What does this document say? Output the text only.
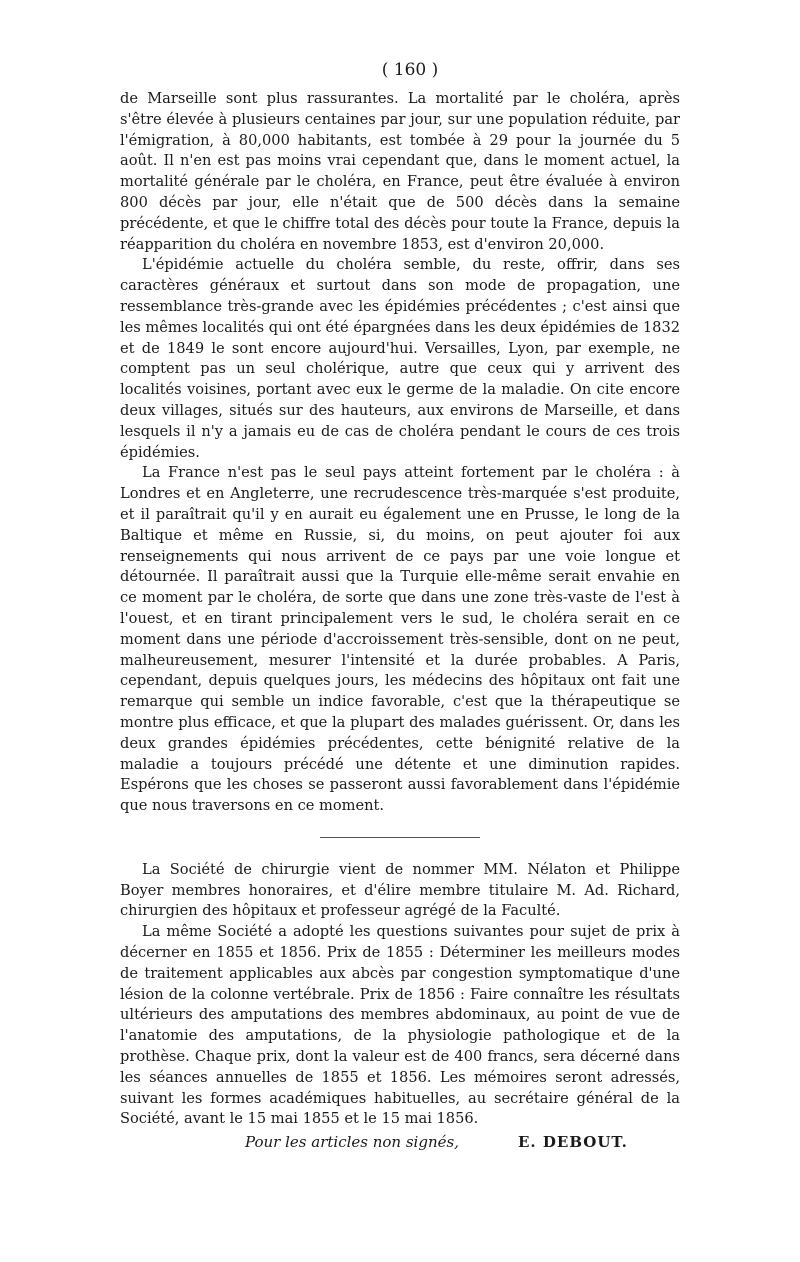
( 160 )

de Marseille sont plus rassurantes. La mortalité par le choléra, après s'être élevée à plusieurs centaines par jour, sur une population réduite, par l'émigration, à 80,000 habitants, est tombée à 29 pour la journée du 5 août. Il n'en est pas moins vrai cependant que, dans le moment actuel, la mortalité générale par le choléra, en France, peut être évaluée à environ 800 décès par jour, elle n'était que de 500 décès dans la semaine précédente, et que le chiffre total des décès pour toute la France, depuis la réapparition du choléra en novembre 1853, est d'environ 20,000.

L'épidémie actuelle du choléra semble, du reste, offrir, dans ses caractères généraux et surtout dans son mode de propagation, une ressemblance très-grande avec les épidémies précédentes ; c'est ainsi que les mêmes localités qui ont été épargnées dans les deux épidémies de 1832 et de 1849 le sont encore aujourd'hui. Versailles, Lyon, par exemple, ne comptent pas un seul cholérique, autre que ceux qui y arrivent des localités voisines, portant avec eux le germe de la maladie. On cite encore deux villages, situés sur des hauteurs, aux environs de Marseille, et dans lesquels il n'y a jamais eu de cas de choléra pendant le cours de ces trois épidémies.

La France n'est pas le seul pays atteint fortement par le choléra : à Londres et en Angleterre, une recrudescence très-marquée s'est produite, et il paraîtrait qu'il y en aurait eu également une en Prusse, le long de la Baltique et même en Russie, si, du moins, on peut ajouter foi aux renseignements qui nous arrivent de ce pays par une voie longue et détournée. Il paraîtrait aussi que la Turquie elle-même serait envahie en ce moment par le choléra, de sorte que dans une zone très-vaste de l'est à l'ouest, et en tirant principalement vers le sud, le choléra serait en ce moment dans une période d'accroissement très-sensible, dont on ne peut, malheureusement, mesurer l'intensité et la durée probables. A Paris, cependant, depuis quelques jours, les médecins des hôpitaux ont fait une remarque qui semble un indice favorable, c'est que la thérapeutique se montre plus efficace, et que la plupart des malades guérissent. Or, dans les deux grandes épidémies précédentes, cette bénignité relative de la maladie a toujours précédé une détente et une diminution rapides. Espérons que les choses se passeront aussi favorablement dans l'épidémie que nous traversons en ce moment.

La Société de chirurgie vient de nommer MM. Nélaton et Philippe Boyer membres honoraires, et d'élire membre titulaire M. Ad. Richard, chirurgien des hôpitaux et professeur agrégé de la Faculté.

La même Société a adopté les questions suivantes pour sujet de prix à décerner en 1855 et 1856. Prix de 1855 : Déterminer les meilleurs modes de traitement applicables aux abcès par congestion symptomatique d'une lésion de la colonne vertébrale. Prix de 1856 : Faire connaître les résultats ultérieurs des amputations des membres abdominaux, au point de vue de l'anatomie des amputations, de la physiologie pathologique et de la prothèse. Chaque prix, dont la valeur est de 400 francs, sera décerné dans les séances annuelles de 1855 et 1856. Les mémoires seront adressés, suivant les formes académiques habituelles, au secrétaire général de la Société, avant le 15 mai 1855 et le 15 mai 1856.

Pour les articles non signés,	E. DEBOUT.
